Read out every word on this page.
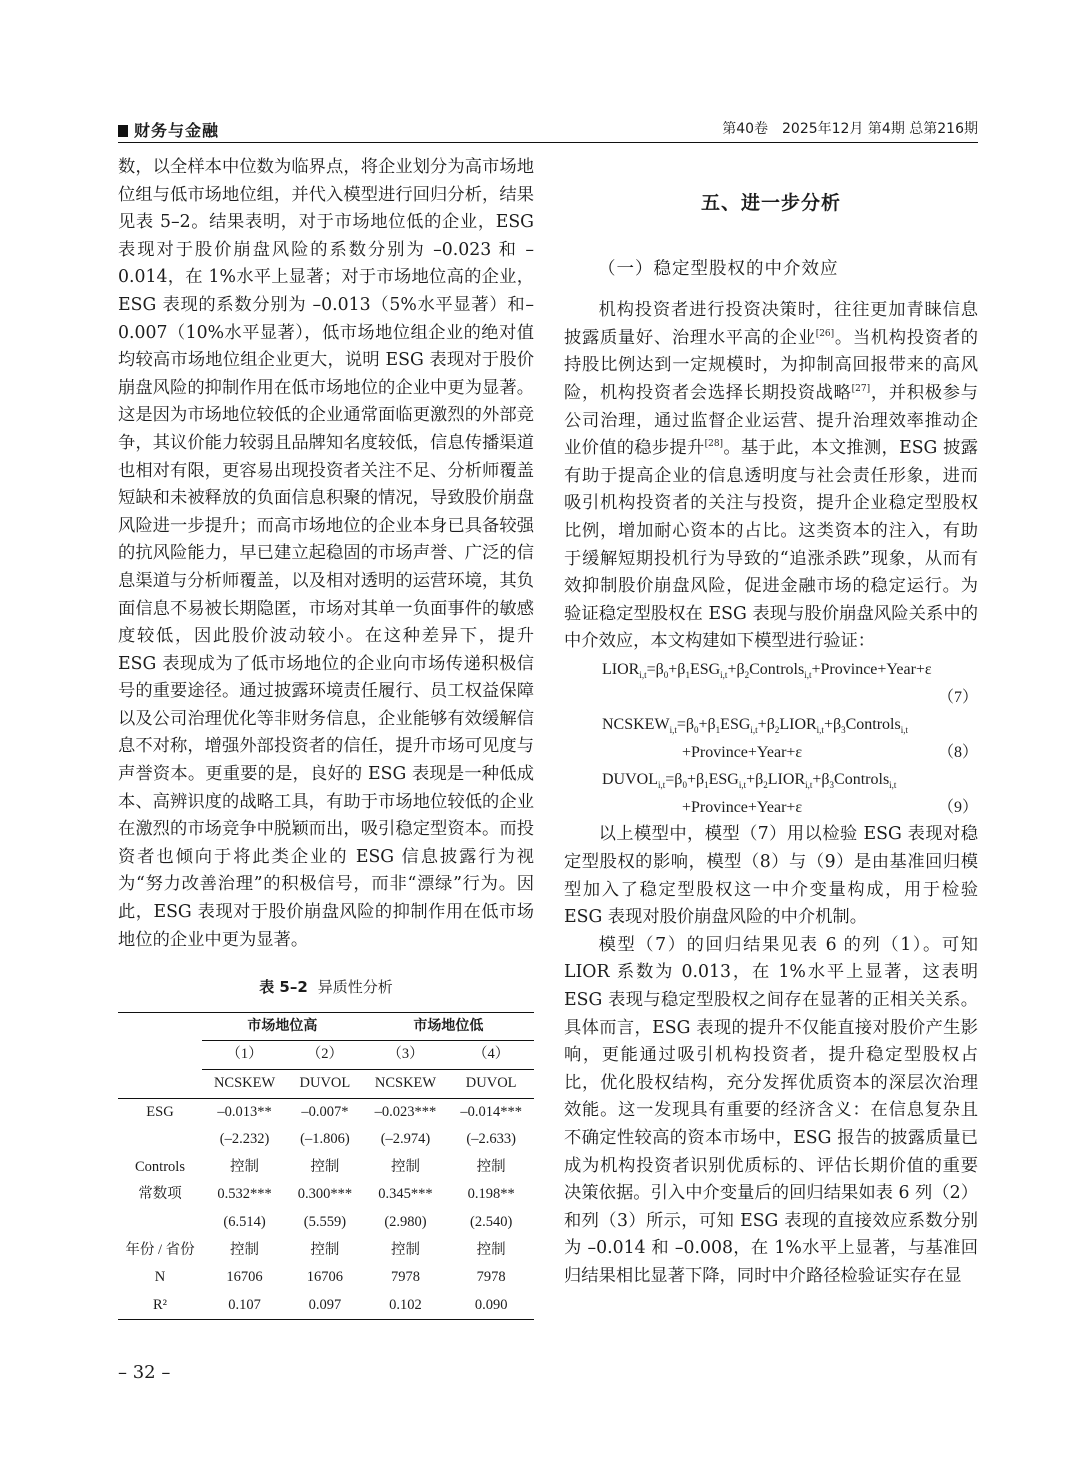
财务与金融	第40卷　2025年12月 第4期 总第216期

数，以全样本中位数为临界点，将企业划分为高市场地位组与低市场地位组，并代入模型进行回归分析，结果见表 5–2。结果表明，对于市场地位低的企业，ESG 表现对于股价崩盘风险的系数分别为 –0.023 和 –0.014，在 1%水平上显著；对于市场地位高的企业，ESG 表现的系数分别为 –0.013（5%水平显著）和–0.007（10%水平显著），低市场地位组企业的绝对值均较高市场地位组企业更大，说明 ESG 表现对于股价崩盘风险的抑制作用在低市场地位的企业中更为显著。这是因为市场地位较低的企业通常面临更激烈的外部竞争，其议价能力较弱且品牌知名度较低，信息传播渠道也相对有限，更容易出现投资者关注不足、分析师覆盖短缺和未被释放的负面信息积聚的情况，导致股价崩盘风险进一步提升；而高市场地位的企业本身已具备较强的抗风险能力，早已建立起稳固的市场声誉、广泛的信息渠道与分析师覆盖，以及相对透明的运营环境，其负面信息不易被长期隐匿，市场对其单一负面事件的敏感度较低，因此股价波动较小。在这种差异下，提升 ESG 表现成为了低市场地位的企业向市场传递积极信号的重要途径。通过披露环境责任履行、员工权益保障以及公司治理优化等非财务信息，企业能够有效缓解信息不对称，增强外部投资者的信任，提升市场可见度与声誉资本。更重要的是，良好的 ESG 表现是一种低成本、高辨识度的战略工具，有助于市场地位较低的企业在激烈的市场竞争中脱颖而出，吸引稳定型资本。而投资者也倾向于将此类企业的 ESG 信息披露行为视为“努力改善治理”的积极信号，而非“漂绿”行为。因此，ESG 表现对于股价崩盘风险的抑制作用在低市场地位的企业中更为显著。

表 5–2 异质性分析
	市场地位高		市场地位低	
	（1）	（2）	（3）	（4）
	NCSKEW	DUVOL	NCSKEW	DUVOL
ESG	–0.013**	–0.007*	–0.023***	–0.014***
	(–2.232)	(–1.806)	(–2.974)	(–2.633)
Controls	控制	控制	控制	控制
常数项	0.532***	0.300***	0.345***	0.198**
	(6.514)	(5.559)	(2.980)	(2.540)
年份 / 省份	控制	控制	控制	控制
N	16706	16706	7978	7978
R²	0.107	0.097	0.102	0.090
五、进一步分析
（一）稳定型股权的中介效应

机构投资者进行投资决策时，往往更加青睐信息披露质量好、治理水平高的企业[26]。当机构投资者的持股比例达到一定规模时，为抑制高回报带来的高风险，机构投资者会选择长期投资战略[27]，并积极参与公司治理，通过监督企业运营、提升治理效率推动企业价值的稳步提升[28]。基于此，本文推测，ESG 披露有助于提高企业的信息透明度与社会责任形象，进而吸引机构投资者的关注与投资，提升企业稳定型股权比例，增加耐心资本的占比。这类资本的注入，有助于缓解短期投机行为导致的“追涨杀跌”现象，从而有效抑制股价崩盘风险，促进金融市场的稳定运行。为验证稳定型股权在 ESG 表现与股价崩盘风险关系中的中介效应，本文构建如下模型进行验证：

$LIOR_{i,t}=\beta_0+\beta_1ESG_{i,t}+\beta_2Controls_{i,t}+Province+Year+\varepsilon$
（7）
$NCSKEW_{i,t}=\beta_0+\beta_1ESG_{i,t}+\beta_2LIOR_{i,t}+\beta_3Controls_{i,t}$
+Province+Year+ε	（8）
$DUVOL_{i,t}=\beta_0+\beta_1ESG_{i,t}+\beta_2LIOR_{i,t}+\beta_3Controls_{i,t}$
+Province+Year+ε	（9）

以上模型中，模型（7）用以检验 ESG 表现对稳定型股权的影响，模型（8）与（9）是由基准回归模型加入了稳定型股权这一中介变量构成，用于检验 ESG 表现对股价崩盘风险的中介机制。

模型（7）的回归结果见表 6 的列（1）。可知 LIOR 系数为 0.013，在 1%水平上显著，这表明 ESG 表现与稳定型股权之间存在显著的正相关关系。具体而言，ESG 表现的提升不仅能直接对股价产生影响，更能通过吸引机构投资者，提升稳定型股权占比，优化股权结构，充分发挥优质资本的深层次治理效能。这一发现具有重要的经济含义：在信息复杂且不确定性较高的资本市场中，ESG 报告的披露质量已成为机构投资者识别优质标的、评估长期价值的重要决策依据。引入中介变量后的回归结果如表 6 列（2）和列（3）所示，可知 ESG 表现的直接效应系数分别为 –0.014 和 –0.008，在 1%水平上显著，与基准回归结果相比显著下降，同时中介路径检验证实存在显

– 32 –
